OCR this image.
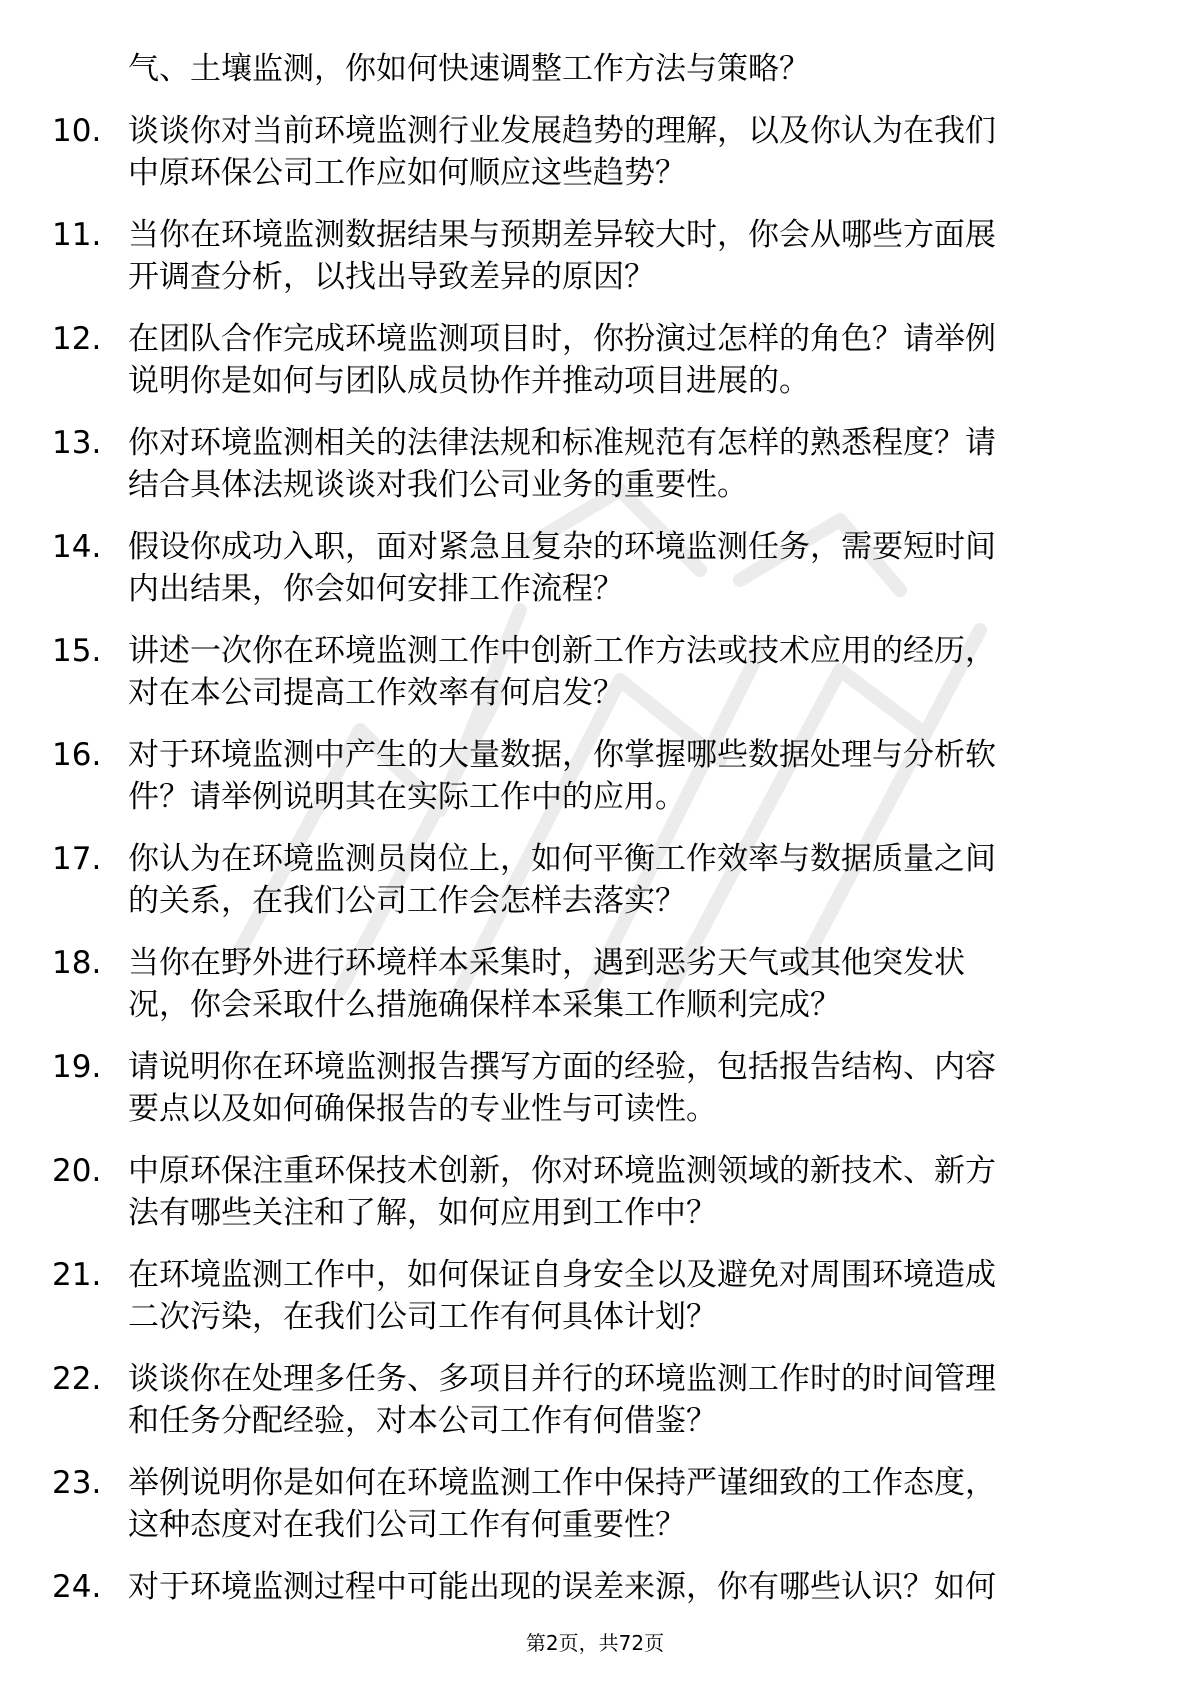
气、土壤监测，你如何快速调整工作方法与策略？
10. 谈谈你对当前环境监测行业发展趋势的理解，以及你认为在我们
中原环保公司工作应如何顺应这些趋势？
11. 当你在环境监测数据结果与预期差异较大时，你会从哪些方面展
开调查分析，以找出导致差异的原因？
12. 在团队合作完成环境监测项目时，你扮演过怎样的角色？请举例
说明你是如何与团队成员协作并推动项目进展的。
13. 你对环境监测相关的法律法规和标准规范有怎样的熟悉程度？请
结合具体法规谈谈对我们公司业务的重要性。
14. 假设你成功入职，面对紧急且复杂的环境监测任务，需要短时间
内出结果，你会如何安排工作流程？
15. 讲述一次你在环境监测工作中创新工作方法或技术应用的经历，
对在本公司提高工作效率有何启发？
16. 对于环境监测中产生的大量数据，你掌握哪些数据处理与分析软
件？请举例说明其在实际工作中的应用。
17. 你认为在环境监测员岗位上，如何平衡工作效率与数据质量之间
的关系，在我们公司工作会怎样去落实？
18. 当你在野外进行环境样本采集时，遇到恶劣天气或其他突发状
况，你会采取什么措施确保样本采集工作顺利完成？
19. 请说明你在环境监测报告撰写方面的经验，包括报告结构、内容
要点以及如何确保报告的专业性与可读性。
20. 中原环保注重环保技术创新，你对环境监测领域的新技术、新方
法有哪些关注和了解，如何应用到工作中？
21. 在环境监测工作中，如何保证自身安全以及避免对周围环境造成
二次污染，在我们公司工作有何具体计划？
22. 谈谈你在处理多任务、多项目并行的环境监测工作时的时间管理
和任务分配经验，对本公司工作有何借鉴？
23. 举例说明你是如何在环境监测工作中保持严谨细致的工作态度，
这种态度对在我们公司工作有何重要性？
24. 对于环境监测过程中可能出现的误差来源，你有哪些认识？如何
第2页，共72页
